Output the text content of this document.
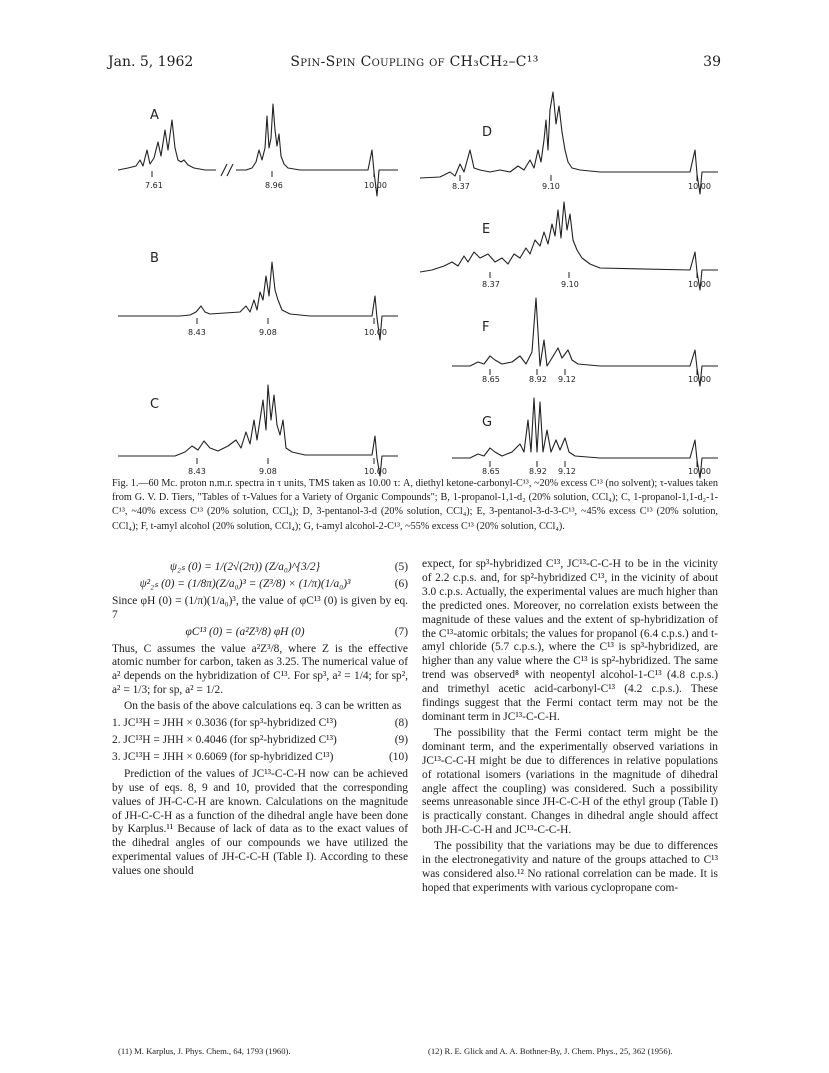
Jan. 5, 1962	Spin-Spin Coupling of CH₃CH₂–C¹³	39
A
7.61	8.96	10.00
B
8.43	9.08	10.00
C
8.43	9.08	10.00
D
8.37	9.10	10.00
E
8.37	9.10	10.00
F
8.65	8.92 9.12	10.00
G
8.65	8.92 9.12	10.00
Fig. 1.—60 Mc. proton n.m.r. spectra in τ units, TMS taken as 10.00 τ: A, diethyl ketone-carbonyl-C¹³, ~20% excess C¹³ (no solvent); τ-values taken from G. V. D. Tiers, "Tables of τ-Values for a Variety of Organic Compounds"; B, 1-propanol-1,1-d₂ (20% solution, CCl₄); C, 1-propanol-1,1-d₂-1-C¹³, ~40% excess C¹³ (20% solution, CCl₄); D, 3-pentanol-3-d (20% solution, CCl₄); E, 3-pentanol-3-d-3-C¹³, ~45% excess C¹³ (20% solution, CCl₄); F, t-amyl alcohol (20% solution, CCl₄); G, t-amyl alcohol-2-C¹³, ~55% excess C¹³ (20% solution, CCl₄).
ψ₂ₛ (0) = 1/(2√(2π)) (Z/a₀)^{3/2}	(5)
ψ²₂ₛ (0) = (1/8π)(Z/a₀)³ = (Z³/8) × (1/π)(1/a₀)³	(6)

Since φH (0) = (1/π)(1/a₀)³, the value of φC¹³ (0) is given by eq. 7

φC¹³ (0) = (a²Z³/8) φH (0)	(7)

Thus, C assumes the value a²Z³/8, where Z is the effective atomic number for carbon, taken as 3.25. The numerical value of a² depends on the hybridization of C¹³. For sp³, a² = 1/4; for sp², a² = 1/3; for sp, a² = 1/2.

On the basis of the above calculations eq. 3 can be written as

1. JC¹³H = JHH × 0.3036 (for sp³-hybridized C¹³)	(8)
2. JC¹³H = JHH × 0.4046 (for sp²-hybridized C¹³)	(9)
3. JC¹³H = JHH × 0.6069 (for sp-hybridized C¹³)	(10)

Prediction of the values of JC¹³-C-C-H now can be achieved by use of eqs. 8, 9 and 10, provided that the corresponding values of JH-C-C-H are known. Calculations on the magnitude of JH-C-C-H as a function of the dihedral angle have been done by Karplus.¹¹ Because of lack of data as to the exact values of the dihedral angles of our compounds we have utilized the experimental values of JH-C-C-H (Table I). According to these values one should

expect, for sp³-hybridized C¹³, JC¹³-C-C-H to be in the vicinity of 2.2 c.p.s. and, for sp²-hybridized C¹³, in the vicinity of about 3.0 c.p.s. Actually, the experimental values are much higher than the predicted ones. Moreover, no correlation exists between the magnitude of these values and the extent of sp-hybridization of the C¹³-atomic orbitals; the values for propanol (6.4 c.p.s.) and t-amyl chloride (5.7 c.p.s.), where the C¹³ is sp³-hybridized, are higher than any value where the C¹³ is sp²-hybridized. The same trend was observed⁸ with neopentyl alcohol-1-C¹³ (4.8 c.p.s.) and trimethyl acetic acid-carbonyl-C¹³ (4.2 c.p.s.). These findings suggest that the Fermi contact term may not be the dominant term in JC¹³-C-C-H.

The possibility that the Fermi contact term might be the dominant term, and the experimentally observed variations in JC¹³-C-C-H might be due to differences in relative populations of rotational isomers (variations in the magnitude of dihedral angle affect the coupling) was considered. Such a possibility seems unreasonable since JH-C-C-H of the ethyl group (Table I) is practically constant. Changes in dihedral angle should affect both JH-C-C-H and JC¹³-C-C-H.

The possibility that the variations may be due to differences in the electronegativity and nature of the groups attached to C¹³ was considered also.¹² No rational correlation can be made. It is hoped that experiments with various cyclopropane com-

(11) M. Karplus, J. Phys. Chem., 64, 1793 (1960).	(12) R. E. Glick and A. A. Bothner-By, J. Chem. Phys., 25, 362 (1956).
